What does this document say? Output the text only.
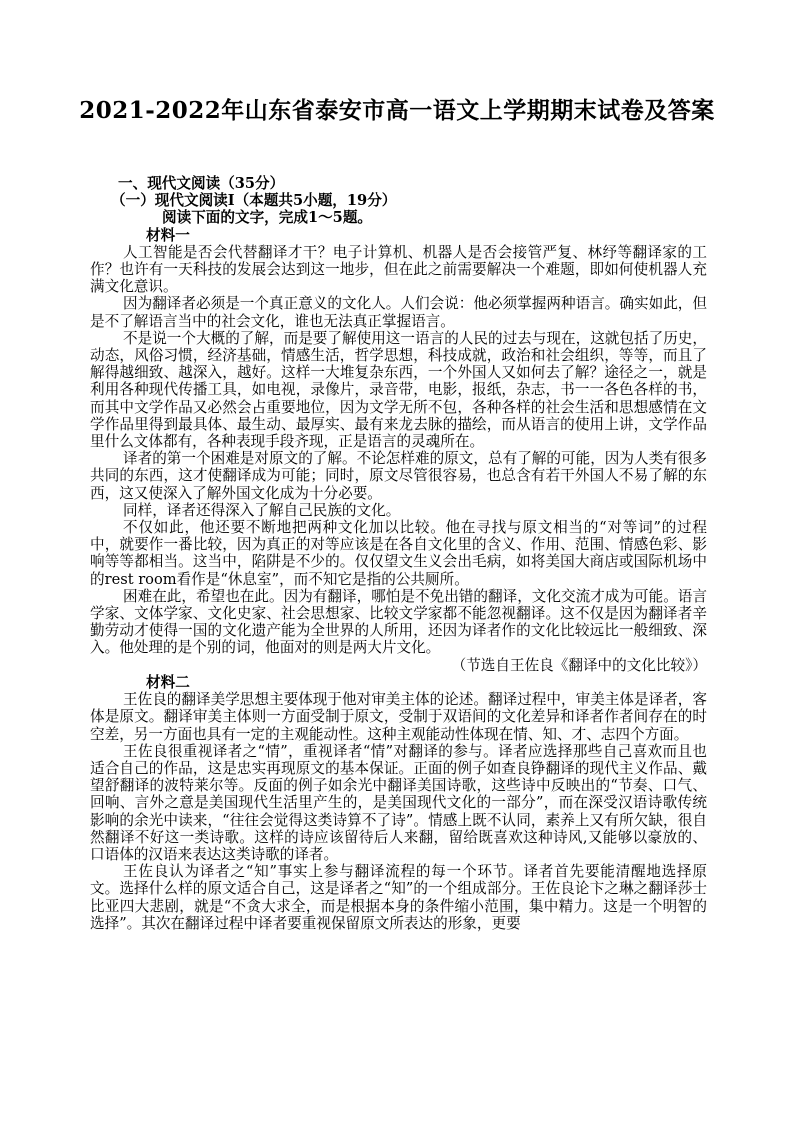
2021-2022年山东省泰安市高一语文上学期期末试卷及答案
一、现代文阅读（35分）
（一）现代文阅读Ⅰ（本题共5小题，19分）
阅读下面的文字，完成1～5题。
材料一

人工智能是否会代替翻译才干？电子计算机、机器人是否会接管严复、林纾等翻译家的工作？也许有一天科技的发展会达到这一地步，但在此之前需要解决一个难题，即如何使机器人充满文化意识。

因为翻译者必须是一个真正意义的文化人。人们会说：他必须掌握两种语言。确实如此，但是不了解语言当中的社会文化，谁也无法真正掌握语言。

不是说一个大概的了解，而是要了解使用这一语言的人民的过去与现在，这就包括了历史，动态，风俗习惯，经济基础，情感生活，哲学思想，科技成就，政治和社会组织，等等，而且了解得越细致、越深入，越好。这样一大堆复杂东西，一个外国人又如何去了解？途径之一，就是利用各种现代传播工具，如电视，录像片，录音带，电影，报纸，杂志，书一一各色各样的书，而其中文学作品又必然会占重要地位，因为文学无所不包，各种各样的社会生活和思想感情在文学作品里得到最具体、最生动、最厚实、最有来龙去脉的描绘，而从语言的使用上讲，文学作品里什么文体都有，各种表现手段齐现，正是语言的灵魂所在。

译者的第一个困难是对原文的了解。不论怎样难的原文，总有了解的可能，因为人类有很多共同的东西，这才使翻译成为可能；同时，原文尽管很容易，也总含有若干外国人不易了解的东西，这又使深入了解外国文化成为十分必要。

同样，译者还得深入了解自己民族的文化。

不仅如此，他还要不断地把两种文化加以比较。他在寻找与原文相当的“对等词”的过程中，就要作一番比较，因为真正的对等应该是在各自文化里的含义、作用、范围、情感色彩、影响等等都相当。这当中，陷阱是不少的。仅仅望文生义会出毛病，如将美国大商店或国际机场中的rest room看作是“休息室”，而不知它是指的公共厕所。

困难在此，希望也在此。因为有翻译，哪怕是不免出错的翻译，文化交流才成为可能。语言学家、文体学家、文化史家、社会思想家、比较文学家都不能忽视翻译。这不仅是因为翻译者辛勤劳动才使得一国的文化遗产能为全世界的人所用，还因为译者作的文化比较远比一般细致、深入。他处理的是个别的词，他面对的则是两大片文化。

（节选自王佐良《翻译中的文化比较》）
材料二

王佐良的翻译美学思想主要体现于他对审美主体的论述。翻译过程中，审美主体是译者，客体是原文。翻译审美主体则一方面受制于原文，受制于双语间的文化差异和译者作者间存在的时空差，另一方面也具有一定的主观能动性。这种主观能动性体现在情、知、才、志四个方面。

王佐良很重视译者之“情”，重视译者“情”对翻译的参与。译者应选择那些自己喜欢而且也适合自己的作品，这是忠实再现原文的基本保证。正面的例子如查良铮翻译的现代主义作品、戴望舒翻译的波特莱尔等。反面的例子如余光中翻译美国诗歌，这些诗中反映出的“节奏、口气、回响、言外之意是美国现代生活里产生的，是美国现代文化的一部分”，而在深受汉语诗歌传统影响的余光中读来，“往往会觉得这类诗算不了诗”。情感上既不认同，素养上又有所欠缺，很自然翻译不好这一类诗歌。这样的诗应该留待后人来翻，留给既喜欢这种诗风,又能够以豪放的、口语体的汉语来表达这类诗歌的译者。

王佐良认为译者之“知”事实上参与翻译流程的每一个环节。译者首先要能清醒地选择原文。选择什么样的原文适合自己，这是译者之“知”的一个组成部分。王佐良论卞之琳之翻译莎士比亚四大悲剧，就是“不贪大求全，而是根据本身的条件缩小范围，集中精力。这是一个明智的选择”。其次在翻译过程中译者要重视保留原文所表达的形象，更要
